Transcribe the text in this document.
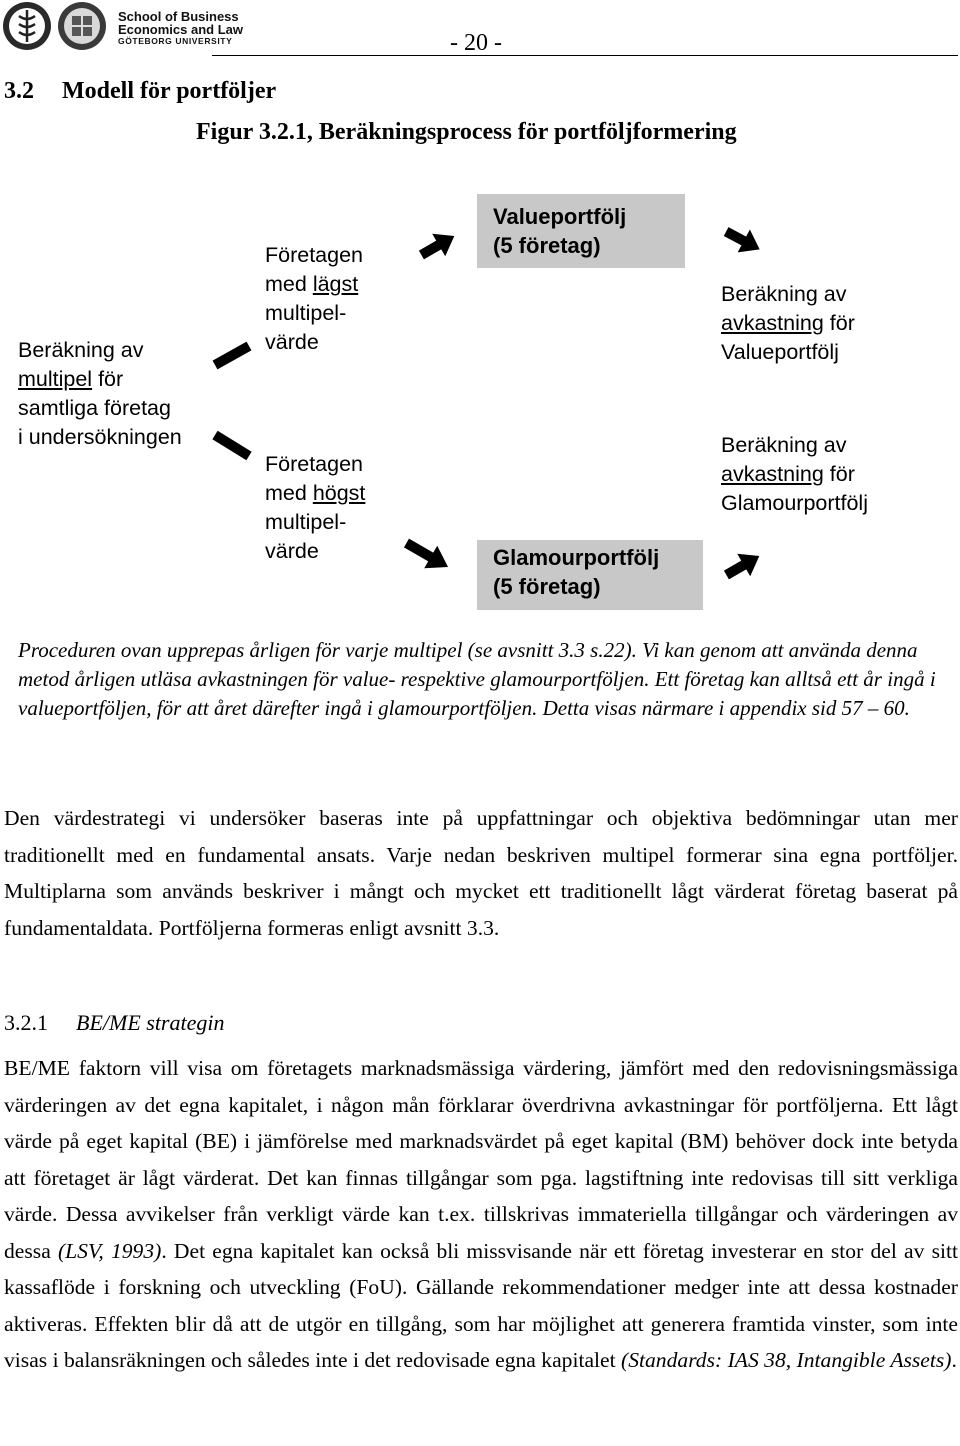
School of Business
Economics and Law

GÖTEBORG UNIVERSITY	- 20 -
3.2 Modell för portföljer
Figur 3.2.1, Beräkningsprocess för portföljformering
Beräkning av
multipel för
samtliga företag
i undersökningen
Företagen
med lägst
multipel-
värde
Företagen
med högst
multipel-
värde
Valueportfölj
(5 företag)
Glamourportfölj
(5 företag)
Beräkning av
avkastning för
Valueportfölj
Beräkning av
avkastning för
Glamourportfölj
Proceduren ovan upprepas årligen för varje multipel (se avsnitt 3.3 s.22). Vi kan genom att använda denna metod årligen utläsa avkastningen för value- respektive glamourportföljen. Ett företag kan alltså ett år ingå i valueportföljen, för att året därefter ingå i glamourportföljen. Detta visas närmare i appendix sid 57 – 60.
Den värdestrategi vi undersöker baseras inte på uppfattningar och objektiva bedömningar utan mer traditionellt med en fundamental ansats. Varje nedan beskriven multipel formerar sina egna portföljer. Multiplarna som används beskriver i mångt och mycket ett traditionellt lågt värderat företag baserat på fundamentaldata. Portföljerna formeras enligt avsnitt 3.3.
3.2.1 BE/ME strategin
BE/ME faktorn vill visa om företagets marknadsmässiga värdering, jämfört med den redovisningsmässiga värderingen av det egna kapitalet, i någon mån förklarar överdrivna avkastningar för portföljerna. Ett lågt värde på eget kapital (BE) i jämförelse med marknadsvärdet på eget kapital (BM) behöver dock inte betyda att företaget är lågt värderat. Det kan finnas tillgångar som pga. lagstiftning inte redovisas till sitt verkliga värde. Dessa avvikelser från verkligt värde kan t.ex. tillskrivas immateriella tillgångar och värderingen av dessa (LSV, 1993). Det egna kapitalet kan också bli missvisande när ett företag investerar en stor del av sitt kassaflöde i forskning och utveckling (FoU). Gällande rekommendationer medger inte att dessa kostnader aktiveras. Effekten blir då att de utgör en tillgång, som har möjlighet att generera framtida vinster, som inte visas i balansräkningen och således inte i det redovisade egna kapitalet (Standards: IAS 38, Intangible Assets).
